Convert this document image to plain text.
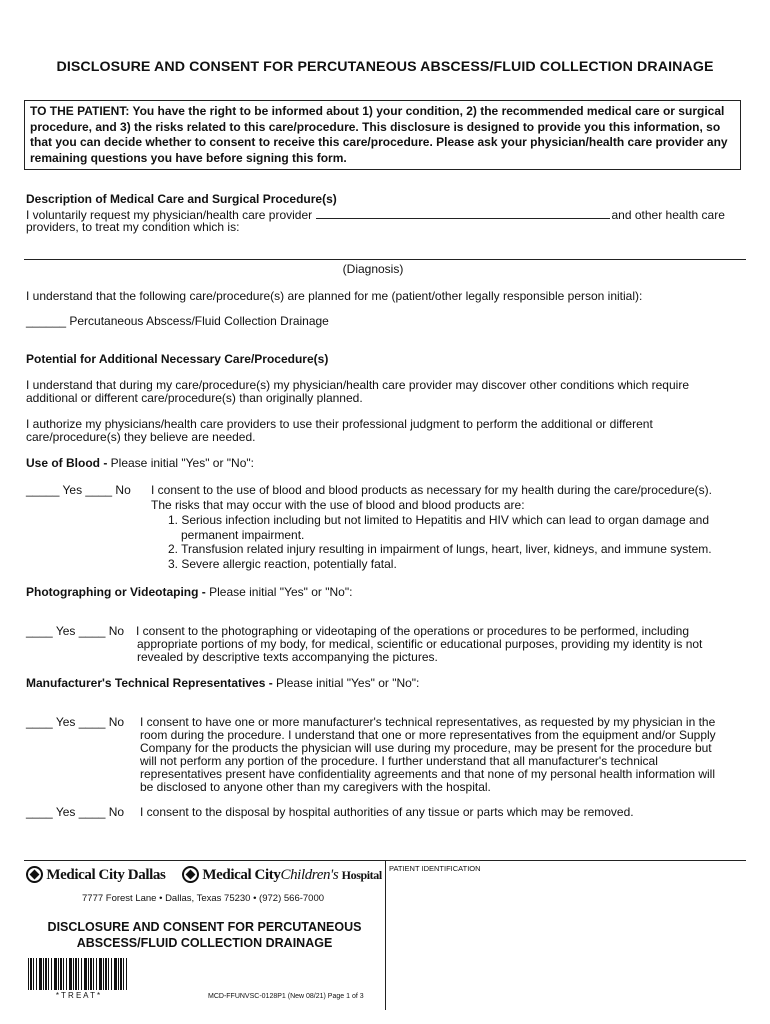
DISCLOSURE AND CONSENT FOR PERCUTANEOUS ABSCESS/FLUID COLLECTION DRAINAGE
TO THE PATIENT: You have the right to be informed about 1) your condition, 2) the recommended medical care or surgical procedure, and 3) the risks related to this care/procedure. This disclosure is designed to provide you this information, so that you can decide whether to consent to receive this care/procedure. Please ask your physician/health care provider any remaining questions you have before signing this form.
Description of Medical Care and Surgical Procedure(s)
I voluntarily request my physician/health care provider	and other health care
providers, to treat my condition which is:
(Diagnosis)
I understand that the following care/procedure(s) are planned for me (patient/other legally responsible person initial):
______ Percutaneous Abscess/Fluid Collection Drainage
Potential for Additional Necessary Care/Procedure(s)
I understand that during my care/procedure(s) my physician/health care provider may discover other conditions which require
additional or different care/procedure(s) than originally planned.
I authorize my physicians/health care providers to use their professional judgment to perform the additional or different
care/procedure(s) they believe are needed.
Use of Blood - Please initial "Yes" or "No":
_____ Yes ____ No I consent to the use of blood and blood products as necessary for my health during the care/procedure(s).
The risks that may occur with the use of blood and blood products are:
1. Serious infection including but not limited to Hepatitis and HIV which can lead to organ damage and
permanent impairment.
2. Transfusion related injury resulting in impairment of lungs, heart, liver, kidneys, and immune system.
3. Severe allergic reaction, potentially fatal.
Photographing or Videotaping - Please initial "Yes" or "No":
____ Yes ____ No I consent to the photographing or videotaping of the operations or procedures to be performed, including
appropriate portions of my body, for medical, scientific or educational purposes, providing my identity is not
revealed by descriptive texts accompanying the pictures.
Manufacturer's Technical Representatives - Please initial "Yes" or "No":
____ Yes ____ No I consent to have one or more manufacturer's technical representatives, as requested by my physician in the
room during the procedure. I understand that one or more representatives from the equipment and/or Supply
Company for the products the physician will use during my procedure, may be present for the procedure but
will not perform any portion of the procedure. I further understand that all manufacturer's technical
representatives present have confidentiality agreements and that none of my personal health information will
be disclosed to anyone other than my caregivers with the hospital.
____ Yes ____ No I consent to the disposal by hospital authorities of any tissue or parts which may be removed.
PATIENT IDENTIFICATION
Medical City Dallas	Medical CityChildren's Hospital
7777 Forest Lane • Dallas, Texas 75230 • (972) 566-7000
DISCLOSURE AND CONSENT FOR PERCUTANEOUS
ABSCESS/FLUID COLLECTION DRAINAGE
* T R E A T *	MCD-FFUNVSC-0128P1 (New 08/21) Page 1 of 3
